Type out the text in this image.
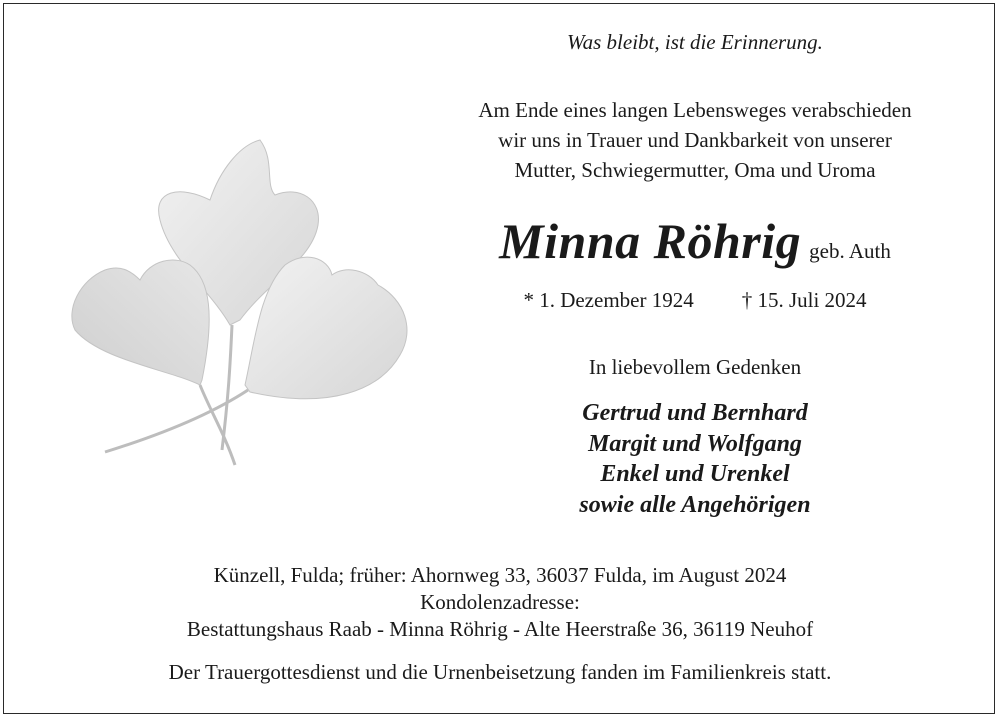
Was bleibt, ist die Erinnerung.
Am Ende eines langen Lebensweges verabschieden
wir uns in Trauer und Dankbarkeit von unserer
Mutter, Schwiegermutter, Oma und Uroma
Minna Röhrig geb. Auth
* 1. Dezember 1924 † 15. Juli 2024
In liebevollem Gedenken
Gertrud und Bernhard
Margit und Wolfgang
Enkel und Urenkel
sowie alle Angehörigen
Künzell, Fulda; früher: Ahornweg 33, 36037 Fulda, im August 2024
Kondolenzadresse:
Bestattungshaus Raab - Minna Röhrig - Alte Heerstraße 36, 36119 Neuhof
Der Trauergottesdienst und die Urnenbeisetzung fanden im Familienkreis statt.
